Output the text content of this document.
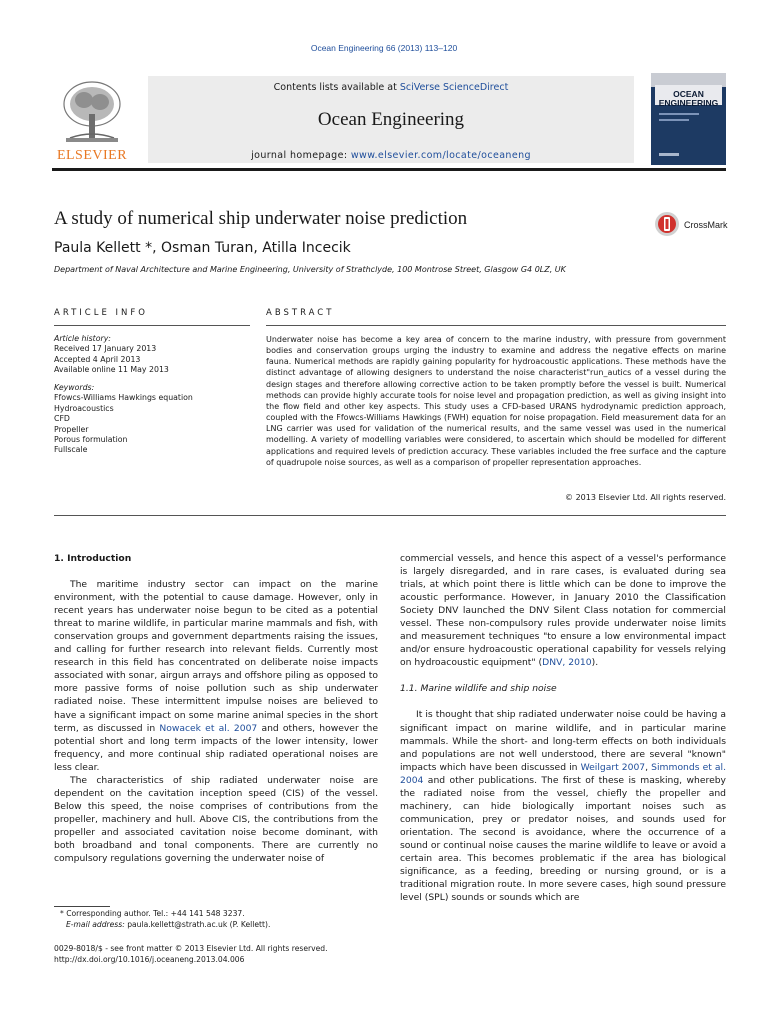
Ocean Engineering 66 (2013) 113–120
ELSEVIER
Contents lists available at SciVerse ScienceDirect
Ocean Engineering
journal homepage: www.elsevier.com/locate/oceaneng
OCEAN ENGINEERING
A study of numerical ship underwater noise prediction	CrossMark
Paula Kellett *, Osman Turan, Atilla Incecik
Department of Naval Architecture and Marine Engineering, University of Strathclyde, 100 Montrose Street, Glasgow G4 0LZ, UK
ARTICLE INFO	ABSTRACT
Article history:
Received 17 January 2013
Accepted 4 April 2013
Available online 11 May 2013
Keywords:
Ffowcs-Williams Hawkings equation
Hydroacoustics
CFD
Propeller
Porous formulation
Fullscale
Underwater noise has become a key area of concern to the marine industry, with pressure from government bodies and conservation groups urging the industry to examine and address the negative effects on marine fauna. Numerical methods are rapidly gaining popularity for hydroacoustic applications. These methods have the distinct advantage of allowing designers to understand the noise characterist"run_autics of a vessel during the design stages and therefore allowing corrective action to be taken promptly before the vessel is built. Numerical methods can provide highly accurate tools for noise level and propagation prediction, as well as giving insight into the flow field and other key aspects. This study uses a CFD-based URANS hydrodynamic prediction approach, coupled with the Ffowcs-Williams Hawkings (FWH) equation for noise propagation. Field measurement data for an LNG carrier was used for validation of the numerical results, and the same vessel was used in the numerical modelling. A variety of modelling variables were considered, to ascertain which should be modelled for different applications and required levels of prediction accuracy. These variables included the free surface and the capture of quadrupole noise sources, as well as a comparison of propeller representation approaches.
© 2013 Elsevier Ltd. All rights reserved.
1. Introduction

The maritime industry sector can impact on the marine environment, with the potential to cause damage. However, only in recent years has underwater noise begun to be cited as a potential threat to marine wildlife, in particular marine mammals and fish, with conservation groups and government departments raising the issues, and calling for further research into relevant fields. Currently most research in this field has concentrated on deliberate noise impacts associated with sonar, airgun arrays and offshore piling as opposed to more passive forms of noise pollution such as ship underwater radiated noise. These intermittent impulse noises are believed to have a significant impact on some marine animal species in the short term, as discussed in Nowacek et al. 2007 and others, however the potential short and long term impacts of the lower intensity, lower frequency, and more continual ship radiated operational noises are less clear.

The characteristics of ship radiated underwater noise are dependent on the cavitation inception speed (CIS) of the vessel. Below this speed, the noise comprises of contributions from the propeller, machinery and hull. Above CIS, the contributions from the propeller and associated cavitation noise become dominant, with both broadband and tonal components. There are currently no compulsory regulations governing the underwater noise of

commercial vessels, and hence this aspect of a vessel's performance is largely disregarded, and in rare cases, is evaluated during sea trials, at which point there is little which can be done to improve the acoustic performance. However, in January 2010 the Classification Society DNV launched the DNV Silent Class notation for commercial vessel. These non-compulsory rules provide underwater noise limits and measurement techniques "to ensure a low environmental impact and/or ensure hydroacoustic operational capability for vessels relying on hydroacoustic equipment" (DNV, 2010).

1.1. Marine wildlife and ship noise

It is thought that ship radiated underwater noise could be having a significant impact on marine wildlife, and in particular marine mammals. While the short- and long-term effects on both individuals and populations are not well understood, there are several "known" impacts which have been discussed in Weilgart 2007, Simmonds et al. 2004 and other publications. The first of these is masking, whereby the radiated noise from the vessel, chiefly the propeller and machinery, can hide biologically important noises such as communication, prey or predator noises, and sounds used for orientation. The second is avoidance, where the occurrence of a sound or continual noise causes the marine wildlife to leave or avoid a certain area. This becomes problematic if the area has biological significance, as a feeding, breeding or nursing ground, or is a traditional migration route. In more severe cases, high sound pressure level (SPL) sounds or sounds which are

* Corresponding author. Tel.: +44 141 548 3237.
E-mail address: paula.kellett@strath.ac.uk (P. Kellett).
0029-8018/$ - see front matter © 2013 Elsevier Ltd. All rights reserved.
http://dx.doi.org/10.1016/j.oceaneng.2013.04.006
